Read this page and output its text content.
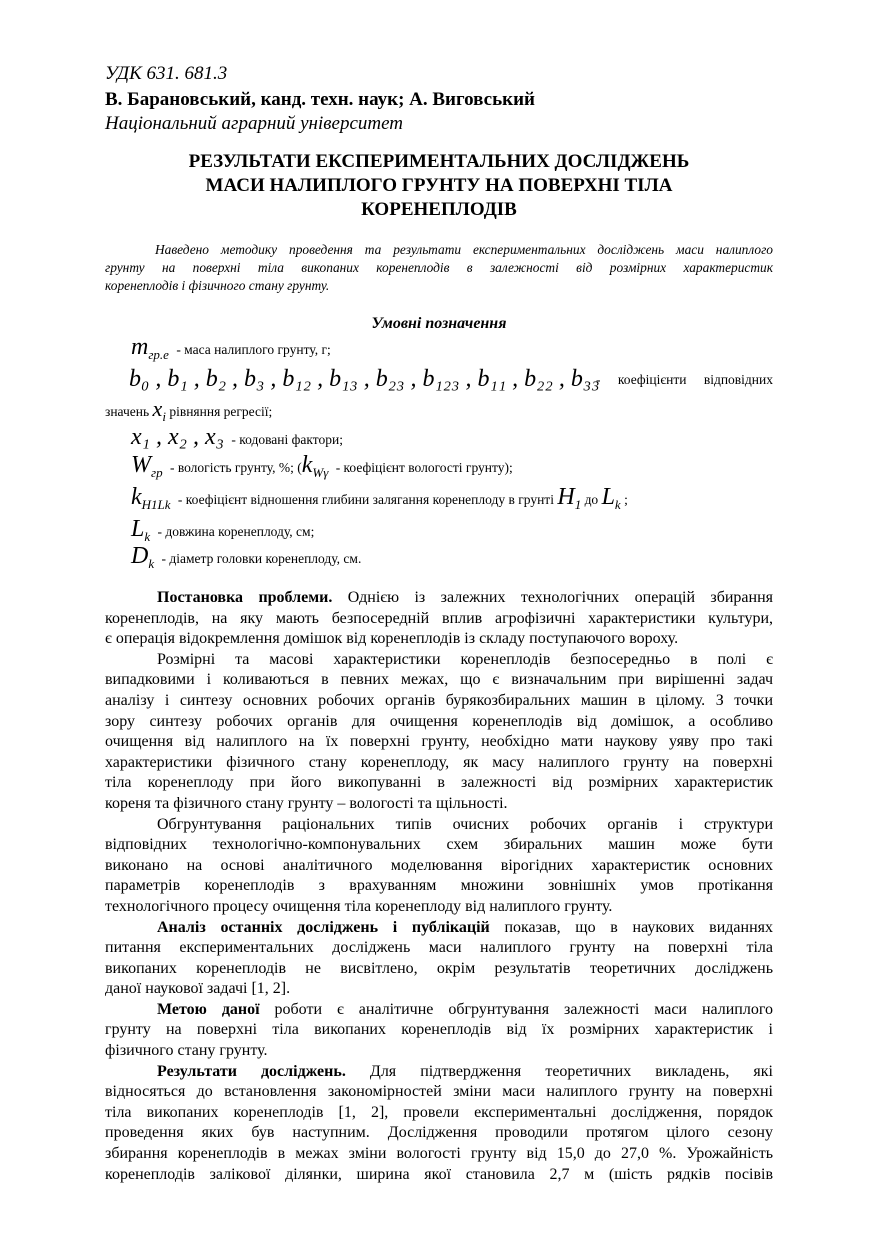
УДК 631. 681.3
В. Барановський, канд. техн. наук; А. Виговський
Національний аграрний університет
РЕЗУЛЬТАТИ ЕКСПЕРИМЕНТАЛЬНИХ ДОСЛІДЖЕНЬ
МАСИ НАЛИПЛОГО ГРУНТУ НА ПОВЕРХНІ ТІЛА
КОРЕНЕПЛОДІВ
Наведено методику проведення та результати експериментальних досліджень маси налиплого
грунту на поверхні тіла викопаних коренеплодів в залежності від розмірних характеристик
коренеплодів і фізичного стану грунту.
Умовні позначення
mгр.е - маса налиплого грунту, г;
b₀ , b₁ , b₂ , b₃ , b₁₂ , b₁₃ , b₂₃ , b₁₂₃ , b₁₁ , b₂₂ , b₃₃
- коефіцієнти відповідних
значень xi рівняння регресії;
x₁ , x₂ , x₃ - кодовані фактори;
Wгр - вологість грунту, %; (kWγ - коефіцієнт вологості грунту);
kH1Lk - коефіцієнт відношення глибини залягання коренеплоду в грунті H1 до Lk ;
Lk - довжина коренеплоду, см;
Dk - діаметр головки коренеплоду, см.
Постановка проблеми. Однією із залежних технологічних операцій збирання
коренеплодів, на яку мають безпосередній вплив агрофізичні характеристики культури,
є операція відокремлення домішок від коренеплодів із складу поступаючого вороху.
Розмірні та масові характеристики коренеплодів безпосередньо в полі є
випадковими і коливаються в певних межах, що є визначальним при вирішенні задач
аналізу і синтезу основних робочих органів бурякозбиральних машин в цілому. З точки
зору синтезу робочих органів для очищення коренеплодів від домішок, а особливо
очищення від налиплого на їх поверхні грунту, необхідно мати наукову уяву про такі
характеристики фізичного стану коренеплоду, як масу налиплого грунту на поверхні
тіла коренеплоду при його викопуванні в залежності від розмірних характеристик
кореня та фізичного стану грунту – вологості та щільності.
Обгрунтування раціональних типів очисних робочих органів і структури
відповідних технологічно-компонувальних схем збиральних машин може бути
виконано на основі аналітичного моделювання вірогідних характеристик основних
параметрів коренеплодів з врахуванням множини зовнішніх умов протікання
технологічного процесу очищення тіла коренеплоду від налиплого грунту.
Аналіз останніх досліджень і публікацій показав, що в наукових виданнях
питання експериментальних досліджень маси налиплого грунту на поверхні тіла
викопаних коренеплодів не висвітлено, окрім результатів теоретичних досліджень
даної наукової задачі [1, 2].
Метою даної роботи є аналітичне обгрунтування залежності маси налиплого
грунту на поверхні тіла викопаних коренеплодів від їх розмірних характеристик і
фізичного стану грунту.
Результати досліджень. Для підтвердження теоретичних викладень, які
відносяться до встановлення закономірностей зміни маси налиплого грунту на поверхні
тіла викопаних коренеплодів [1, 2], провели експериментальні дослідження, порядок
проведення яких був наступним. Дослідження проводили протягом цілого сезону
збирання коренеплодів в межах зміни вологості грунту від 15,0 до 27,0 %. Урожайність
коренеплодів залікової ділянки, ширина якої становила 2,7 м (шість рядків посівів
